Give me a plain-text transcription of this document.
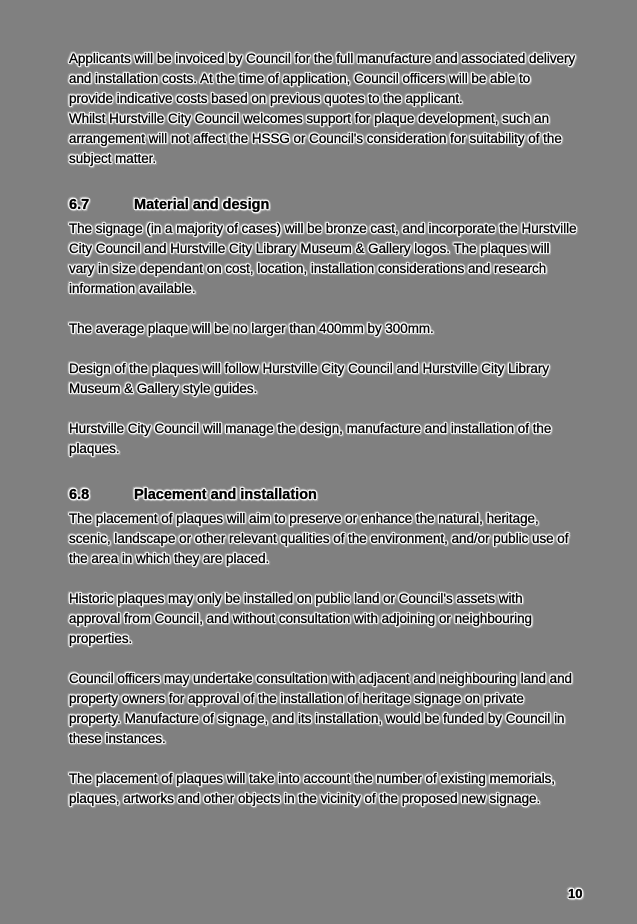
Applicants will be invoiced by Council for the full manufacture and associated delivery and installation costs. At the time of application, Council officers will be able to provide indicative costs based on previous quotes to the applicant.
Whilst Hurstville City Council welcomes support for plaque development, such an arrangement will not affect the HSSG or Council's consideration for suitability of the subject matter.
6.7	Material and design
The signage (in a majority of cases) will be bronze cast, and incorporate the Hurstville City Council and Hurstville City Library Museum & Gallery logos. The plaques will vary in size dependant on cost, location, installation considerations and research information available.
The average plaque will be no larger than 400mm by 300mm.
Design of the plaques will follow Hurstville City Council and Hurstville City Library Museum & Gallery style guides.
Hurstville City Council will manage the design, manufacture and installation of the plaques.
6.8	Placement and installation
The placement of plaques will aim to preserve or enhance the natural, heritage, scenic, landscape or other relevant qualities of the environment, and/or public use of the area in which they are placed.
Historic plaques may only be installed on public land or Council's assets with approval from Council, and without consultation with adjoining or neighbouring properties.
Council officers may undertake consultation with adjacent and neighbouring land and property owners for approval of the installation of heritage signage on private property. Manufacture of signage, and its installation, would be funded by Council in these instances.
The placement of plaques will take into account the number of existing memorials, plaques, artworks and other objects in the vicinity of the proposed new signage.
10
